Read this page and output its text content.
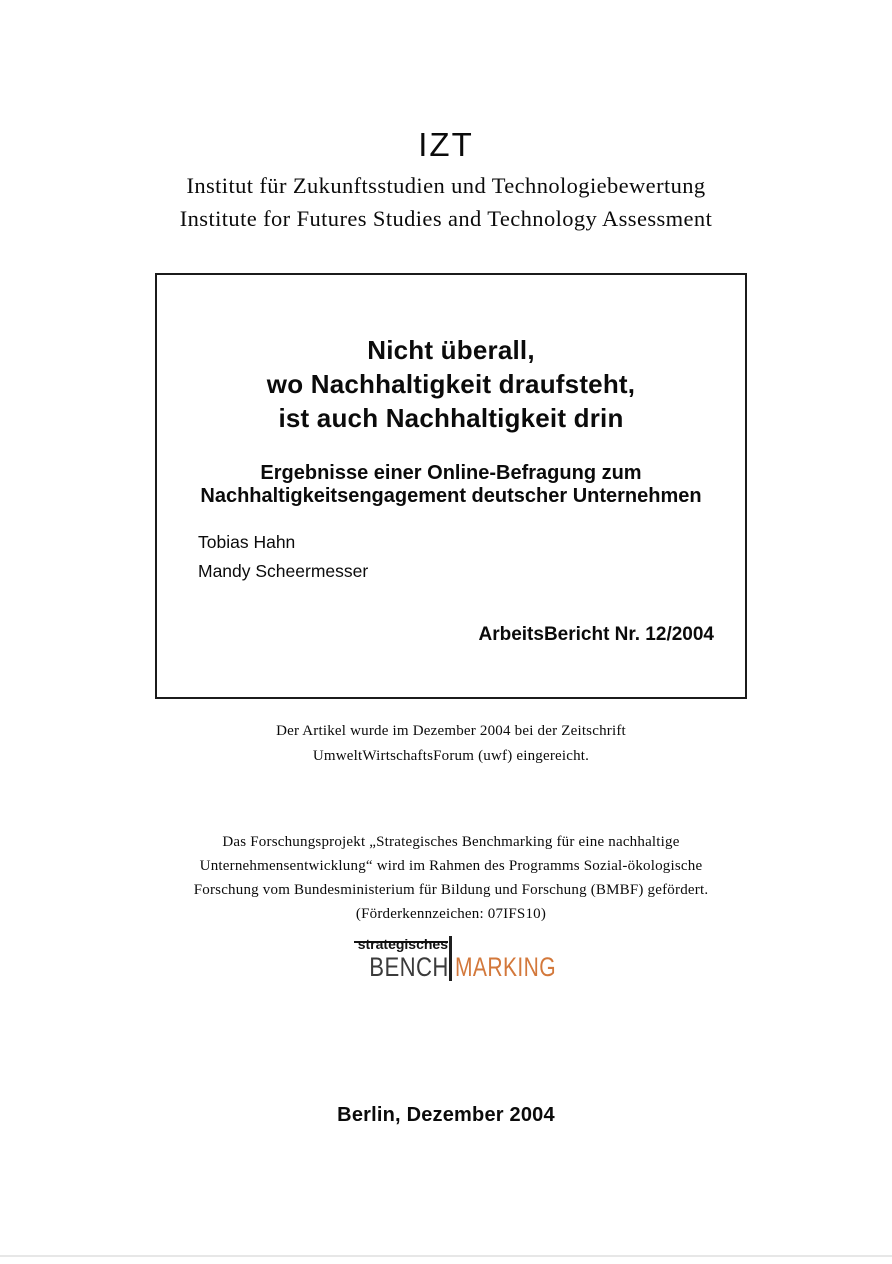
IZT
Institut für Zukunftsstudien und Technologiebewertung
Institute for Futures Studies and Technology Assessment
Nicht überall,
wo Nachhaltigkeit draufsteht,
ist auch Nachhaltigkeit drin
Ergebnisse einer Online-Befragung zum
Nachhaltigkeitsengagement deutscher Unternehmen
Tobias Hahn
Mandy Scheermesser
ArbeitsBericht Nr. 12/2004
Der Artikel wurde im Dezember 2004 bei der Zeitschrift
UmweltWirtschaftsForum (uwf) eingereicht.
Das Forschungsprojekt „Strategisches Benchmarking für eine nachhaltige
Unternehmensentwicklung“ wird im Rahmen des Programms Sozial-ökologische
Forschung vom Bundesministerium für Bildung und Forschung (BMBF) gefördert.
(Förderkennzeichen: 07IFS10)
strategisches
BENCH MARKING
Berlin, Dezember 2004
